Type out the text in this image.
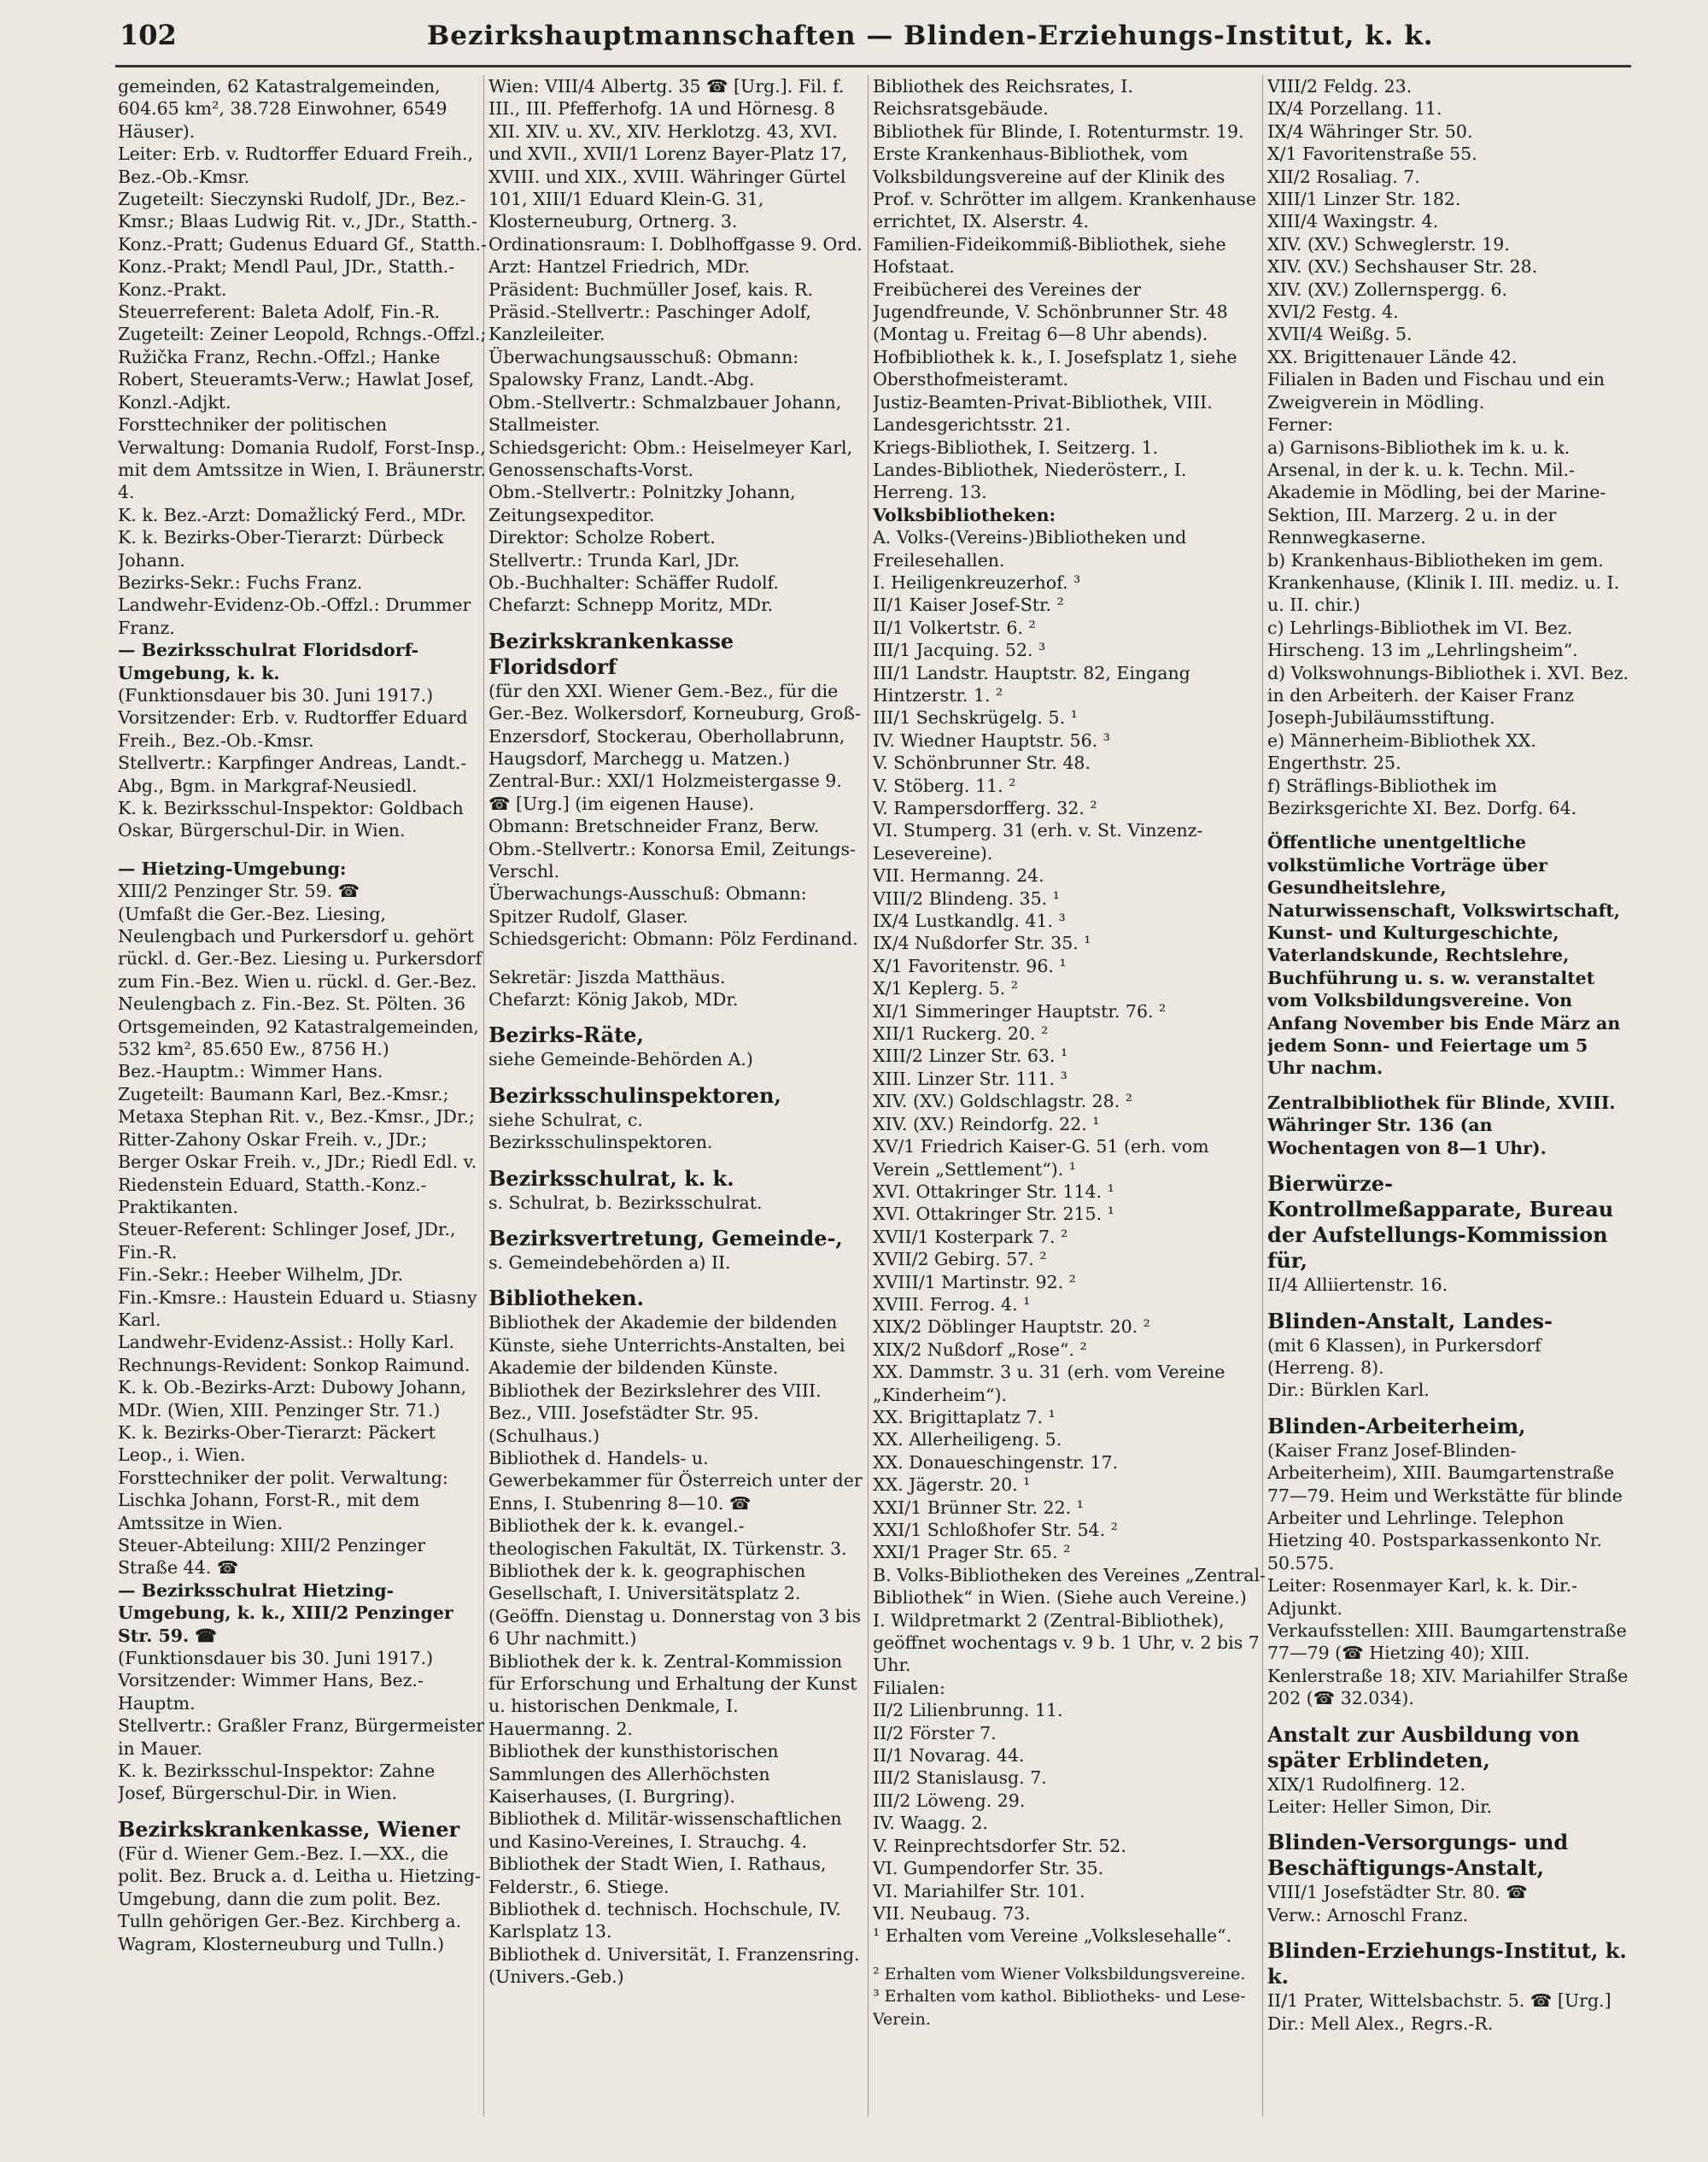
102	Bezirkshauptmannschaften — Blinden-Erziehungs-Institut, k. k.

gemeinden, 62 Katastralgemeinden, 604.65 km², 38.728 Einwohner, 6549 Häuser).

Leiter: Erb. v. Rudtorffer Eduard Freih., Bez.-Ob.-Kmsr.

Zugeteilt: Sieczynski Rudolf, JDr., Bez.-Kmsr.; Blaas Ludwig Rit. v., JDr., Statth.-Konz.-Pratt; Gudenus Eduard Gf., Statth.-Konz.-Prakt; Mendl Paul, JDr., Statth.-Konz.-Prakt.

Steuerreferent: Baleta Adolf, Fin.-R.

Zugeteilt: Zeiner Leopold, Rchngs.-Offzl.; Ružička Franz, Rechn.-Offzl.; Hanke Robert, Steueramts-Verw.; Hawlat Josef, Konzl.-Adjkt.

Forsttechniker der politischen Verwaltung: Domania Rudolf, Forst-Insp., mit dem Amtssitze in Wien, I. Bräunerstr. 4.

K. k. Bez.-Arzt: Domažlický Ferd., MDr.

K. k. Bezirks-Ober-Tierarzt: Dürbeck Johann.

Bezirks-Sekr.: Fuchs Franz.

Landwehr-Evidenz-Ob.-Offzl.: Drummer Franz.

— Bezirksschulrat Floridsdorf-Umgebung, k. k.

(Funktionsdauer bis 30. Juni 1917.)

Vorsitzender: Erb. v. Rudtorffer Eduard Freih., Bez.-Ob.-Kmsr.

Stellvertr.: Karpfinger Andreas, Landt.-Abg., Bgm. in Markgraf-Neusiedl.

K. k. Bezirksschul-Inspektor: Goldbach Oskar, Bürgerschul-Dir. in Wien.

— Hietzing-Umgebung:

XIII/2 Penzinger Str. 59. ☎

(Umfaßt die Ger.-Bez. Liesing, Neulengbach und Purkersdorf u. gehört rückl. d. Ger.-Bez. Liesing u. Purkersdorf zum Fin.-Bez. Wien u. rückl. d. Ger.-Bez. Neulengbach z. Fin.-Bez. St. Pölten. 36 Ortsgemeinden, 92 Katastralgemeinden, 532 km², 85.650 Ew., 8756 H.)

Bez.-Hauptm.: Wimmer Hans.

Zugeteilt: Baumann Karl, Bez.-Kmsr.; Metaxa Stephan Rit. v., Bez.-Kmsr., JDr.; Ritter-Zahony Oskar Freih. v., JDr.; Berger Oskar Freih. v., JDr.; Riedl Edl. v. Riedenstein Eduard, Statth.-Konz.-Praktikanten.

Steuer-Referent: Schlinger Josef, JDr., Fin.-R.

Fin.-Sekr.: Heeber Wilhelm, JDr.

Fin.-Kmsre.: Haustein Eduard u. Stiasny Karl.

Landwehr-Evidenz-Assist.: Holly Karl.

Rechnungs-Revident: Sonkop Raimund.

K. k. Ob.-Bezirks-Arzt: Dubowy Johann, MDr. (Wien, XIII. Penzinger Str. 71.)

K. k. Bezirks-Ober-Tierarzt: Päckert Leop., i. Wien.

Forsttechniker der polit. Verwaltung: Lischka Johann, Forst-R., mit dem Amtssitze in Wien.

Steuer-Abteilung: XIII/2 Penzinger Straße 44. ☎

— Bezirksschulrat Hietzing-Umgebung, k. k., XIII/2 Penzinger Str. 59. ☎

(Funktionsdauer bis 30. Juni 1917.)

Vorsitzender: Wimmer Hans, Bez.-Hauptm.

Stellvertr.: Graßler Franz, Bürgermeister in Mauer.

K. k. Bezirksschul-Inspektor: Zahne Josef, Bürgerschul-Dir. in Wien.

Bezirkskrankenkasse, Wiener

(Für d. Wiener Gem.-Bez. I.—XX., die polit. Bez. Bruck a. d. Leitha u. Hietzing-Umgebung, dann die zum polit. Bez. Tulln gehörigen Ger.-Bez. Kirchberg a. Wagram, Klosterneuburg und Tulln.)

Wien: VIII/4 Albertg. 35 ☎ [Urg.]. Fil. f. III., III. Pfefferhofg. 1A und Hörnesg. 8 XII. XIV. u. XV., XIV. Herklotzg. 43, XVI. und XVII., XVII/1 Lorenz Bayer-Platz 17, XVIII. und XIX., XVIII. Währinger Gürtel 101, XIII/1 Eduard Klein-G. 31, Klosterneuburg, Ortnerg. 3.

Ordinationsraum: I. Doblhoffgasse 9. Ord. Arzt: Hantzel Friedrich, MDr.

Präsident: Buchmüller Josef, kais. R.

Präsid.-Stellvertr.: Paschinger Adolf, Kanzleileiter.

Überwachungsausschuß: Obmann: Spalowsky Franz, Landt.-Abg.

Obm.-Stellvertr.: Schmalzbauer Johann, Stallmeister.

Schiedsgericht: Obm.: Heiselmeyer Karl, Genossenschafts-Vorst.

Obm.-Stellvertr.: Polnitzky Johann, Zeitungsexpeditor.

Direktor: Scholze Robert.

Stellvertr.: Trunda Karl, JDr.

Ob.-Buchhalter: Schäffer Rudolf.

Chefarzt: Schnepp Moritz, MDr.

Bezirkskrankenkasse Floridsdorf

(für den XXI. Wiener Gem.-Bez., für die Ger.-Bez. Wolkersdorf, Korneuburg, Groß-Enzersdorf, Stockerau, Oberhollabrunn, Haugsdorf, Marchegg u. Matzen.)

Zentral-Bur.: XXI/1 Holzmeistergasse 9. ☎ [Urg.] (im eigenen Hause).

Obmann: Bretschneider Franz, Berw.

Obm.-Stellvertr.: Konorsa Emil, Zeitungs-Verschl.

Überwachungs-Ausschuß: Obmann: Spitzer Rudolf, Glaser.

Schiedsgericht: Obmann: Pölz Ferdinand.

Sekretär: Jiszda Matthäus.

Chefarzt: König Jakob, MDr.

Bezirks-Räte,

siehe Gemeinde-Behörden A.)

Bezirksschulinspektoren,

siehe Schulrat, c. Bezirksschulinspektoren.

Bezirksschulrat, k. k.

s. Schulrat, b. Bezirksschulrat.

Bezirksvertretung, Gemeinde-,

s. Gemeindebehörden a) II.

Bibliotheken.

Bibliothek der Akademie der bildenden Künste, siehe Unterrichts-Anstalten, bei Akademie der bildenden Künste.

Bibliothek der Bezirkslehrer des VIII. Bez., VIII. Josefstädter Str. 95. (Schulhaus.)

Bibliothek d. Handels- u. Gewerbekammer für Österreich unter der Enns, I. Stubenring 8—10. ☎

Bibliothek der k. k. evangel.-theologischen Fakultät, IX. Türkenstr. 3.

Bibliothek der k. k. geographischen Gesellschaft, I. Universitätsplatz 2. (Geöffn. Dienstag u. Donnerstag von 3 bis 6 Uhr nachmitt.)

Bibliothek der k. k. Zentral-Kommission für Erforschung und Erhaltung der Kunst u. historischen Denkmale, I. Hauermanng. 2.

Bibliothek der kunsthistorischen Sammlungen des Allerhöchsten Kaiserhauses, (I. Burgring).

Bibliothek d. Militär-wissenschaftlichen und Kasino-Vereines, I. Strauchg. 4.

Bibliothek der Stadt Wien, I. Rathaus, Felderstr., 6. Stiege.

Bibliothek d. technisch. Hochschule, IV. Karlsplatz 13.

Bibliothek d. Universität, I. Franzensring. (Univers.-Geb.)

Bibliothek des Reichsrates, I. Reichsratsgebäude.

Bibliothek für Blinde, I. Rotenturmstr. 19.

Erste Krankenhaus-Bibliothek, vom Volksbildungsvereine auf der Klinik des Prof. v. Schrötter im allgem. Krankenhause errichtet, IX. Alserstr. 4.

Familien-Fideikommiß-Bibliothek, siehe Hofstaat.

Freibücherei des Vereines der Jugendfreunde, V. Schönbrunner Str. 48 (Montag u. Freitag 6—8 Uhr abends).

Hofbibliothek k. k., I. Josefsplatz 1, siehe Obersthofmeisteramt.

Justiz-Beamten-Privat-Bibliothek, VIII. Landesgerichtsstr. 21.

Kriegs-Bibliothek, I. Seitzerg. 1.

Landes-Bibliothek, Niederösterr., I. Herreng. 13.

Volksbibliotheken:

A. Volks-(Vereins-)Bibliotheken und Freilesehallen.

I. Heiligenkreuzerhof. ³

II/1 Kaiser Josef-Str. ²

II/1 Volkertstr. 6. ²

III/1 Jacquing. 52. ³

III/1 Landstr. Hauptstr. 82, Eingang Hintzerstr. 1. ²

III/1 Sechskrügelg. 5. ¹

IV. Wiedner Hauptstr. 56. ³

V. Schönbrunner Str. 48.

V. Stöberg. 11. ²

V. Rampersdorfferg. 32. ²

VI. Stumperg. 31 (erh. v. St. Vinzenz-Lesevereine).

VII. Hermanng. 24.

VIII/2 Blindeng. 35. ¹

IX/4 Lustkandlg. 41. ³

IX/4 Nußdorfer Str. 35. ¹

X/1 Favoritenstr. 96. ¹

X/1 Keplerg. 5. ²

XI/1 Simmeringer Hauptstr. 76. ²

XII/1 Ruckerg. 20. ²

XIII/2 Linzer Str. 63. ¹

XIII. Linzer Str. 111. ³

XIV. (XV.) Goldschlagstr. 28. ²

XIV. (XV.) Reindorfg. 22. ¹

XV/1 Friedrich Kaiser-G. 51 (erh. vom Verein „Settlement“). ¹

XVI. Ottakringer Str. 114. ¹

XVI. Ottakringer Str. 215. ¹

XVII/1 Kosterpark 7. ²

XVII/2 Gebirg. 57. ²

XVIII/1 Martinstr. 92. ²

XVIII. Ferrog. 4. ¹

XIX/2 Döblinger Hauptstr. 20. ²

XIX/2 Nußdorf „Rose“. ²

XX. Dammstr. 3 u. 31 (erh. vom Vereine „Kinderheim“).

XX. Brigittaplatz 7. ¹

XX. Allerheiligeng. 5.

XX. Donaueschingenstr. 17.

XX. Jägerstr. 20. ¹

XXI/1 Brünner Str. 22. ¹

XXI/1 Schloßhofer Str. 54. ²

XXI/1 Prager Str. 65. ²

B. Volks-Bibliotheken des Vereines „Zentral-Bibliothek“ in Wien. (Siehe auch Vereine.)

I. Wildpretmarkt 2 (Zentral-Bibliothek), geöffnet wochentags v. 9 b. 1 Uhr, v. 2 bis 7 Uhr.

Filialen:

II/2 Lilienbrunng. 11.

II/2 Förster 7.

II/1 Novarag. 44.

III/2 Stanislausg. 7.

III/2 Löweng. 29.

IV. Waagg. 2.

V. Reinprechtsdorfer Str. 52.

VI. Gumpendorfer Str. 35.

VI. Mariahilfer Str. 101.

VII. Neubaug. 73.

¹ Erhalten vom Vereine „Volkslesehalle“.

² Erhalten vom Wiener Volksbildungsvereine.

³ Erhalten vom kathol. Bibliotheks- und Lese-Verein.

VIII/2 Feldg. 23.

IX/4 Porzellang. 11.

IX/4 Währinger Str. 50.

X/1 Favoritenstraße 55.

XII/2 Rosaliag. 7.

XIII/1 Linzer Str. 182.

XIII/4 Waxingstr. 4.

XIV. (XV.) Schweglerstr. 19.

XIV. (XV.) Sechshauser Str. 28.

XIV. (XV.) Zollernspergg. 6.

XVI/2 Festg. 4.

XVII/4 Weißg. 5.

XX. Brigittenauer Lände 42.

Filialen in Baden und Fischau und ein Zweigverein in Mödling.

Ferner:

a) Garnisons-Bibliothek im k. u. k. Arsenal, in der k. u. k. Techn. Mil.-Akademie in Mödling, bei der Marine-Sektion, III. Marzerg. 2 u. in der Rennwegkaserne.

b) Krankenhaus-Bibliotheken im gem. Krankenhause, (Klinik I. III. mediz. u. I. u. II. chir.)

c) Lehrlings-Bibliothek im VI. Bez. Hirscheng. 13 im „Lehrlingsheim“.

d) Volkswohnungs-Bibliothek i. XVI. Bez. in den Arbeiterh. der Kaiser Franz Joseph-Jubiläumsstiftung.

e) Männerheim-Bibliothek XX. Engerthstr. 25.

f) Sträflings-Bibliothek im Bezirksgerichte XI. Bez. Dorfg. 64.

Öffentliche unentgeltliche volkstümliche Vorträge über Gesundheitslehre, Naturwissenschaft, Volkswirtschaft, Kunst- und Kulturgeschichte, Vaterlandskunde, Rechtslehre, Buchführung u. s. w. veranstaltet vom Volksbildungsvereine. Von Anfang November bis Ende März an jedem Sonn- und Feiertage um 5 Uhr nachm.

Zentralbibliothek für Blinde, XVIII. Währinger Str. 136 (an Wochentagen von 8—1 Uhr).

Bierwürze-Kontrollmeßapparate, Bureau der Aufstellungs-Kommission für,

II/4 Alliiertenstr. 16.

Blinden-Anstalt, Landes-

(mit 6 Klassen), in Purkersdorf (Herreng. 8).

Dir.: Bürklen Karl.

Blinden-Arbeiterheim,

(Kaiser Franz Josef-Blinden-Arbeiterheim), XIII. Baumgartenstraße 77—79. Heim und Werkstätte für blinde Arbeiter und Lehrlinge. Telephon Hietzing 40. Postsparkassenkonto Nr. 50.575.

Leiter: Rosenmayer Karl, k. k. Dir.-Adjunkt.

Verkaufsstellen: XIII. Baumgartenstraße 77—79 (☎ Hietzing 40); XIII. Kenlerstraße 18; XIV. Mariahilfer Straße 202 (☎ 32.034).

Anstalt zur Ausbildung von später Erblindeten,

XIX/1 Rudolfinerg. 12.

Leiter: Heller Simon, Dir.

Blinden-Versorgungs- und Beschäftigungs-Anstalt,

VIII/1 Josefstädter Str. 80. ☎

Verw.: Arnoschl Franz.

Blinden-Erziehungs-Institut, k. k.

II/1 Prater, Wittelsbachstr. 5. ☎ [Urg.]

Dir.: Mell Alex., Regrs.-R.
